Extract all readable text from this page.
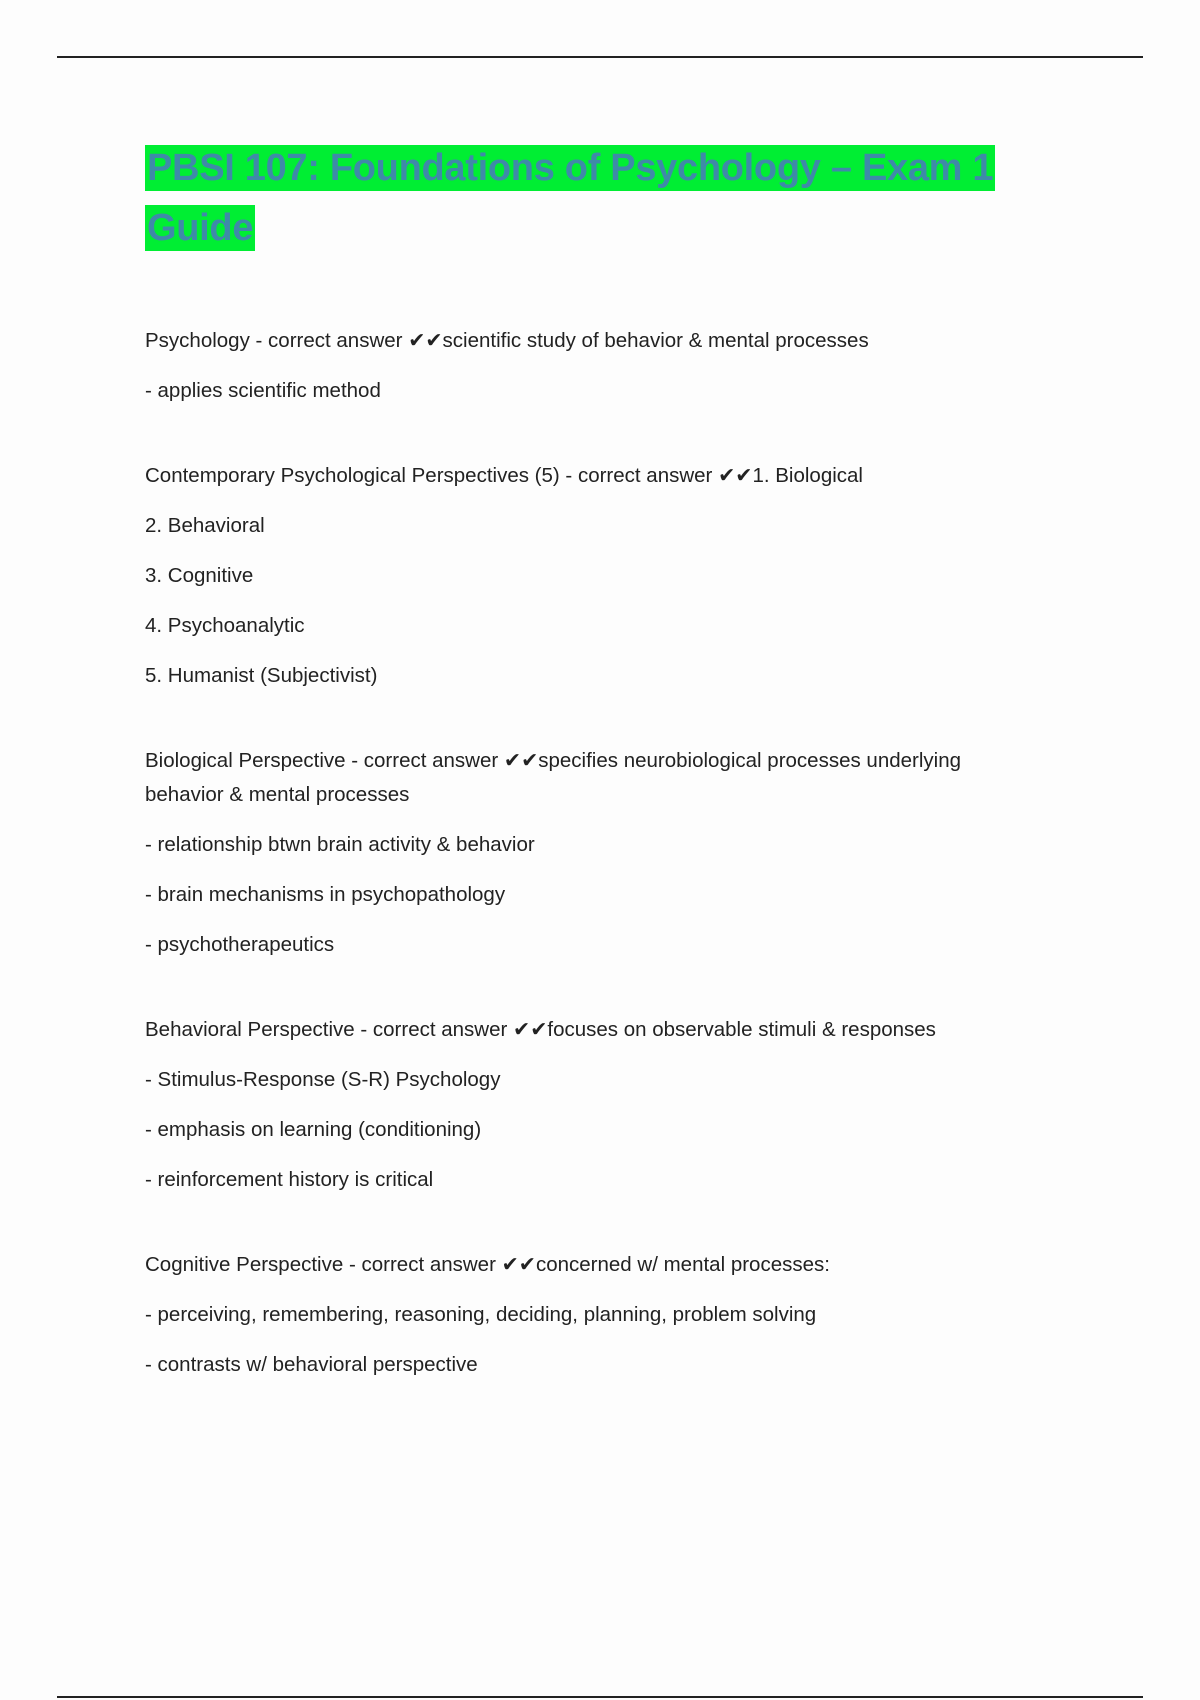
PBSI 107: Foundations of Psychology – Exam 1 Guide

Psychology - correct answer ✔✔scientific study of behavior & mental processes

- applies scientific method

Contemporary Psychological Perspectives (5) - correct answer ✔✔1. Biological

2. Behavioral

3. Cognitive

4. Psychoanalytic

5. Humanist (Subjectivist)

Biological Perspective - correct answer ✔✔specifies neurobiological processes underlying behavior & mental processes

- relationship btwn brain activity & behavior

- brain mechanisms in psychopathology

- psychotherapeutics

Behavioral Perspective - correct answer ✔✔focuses on observable stimuli & responses

- Stimulus-Response (S-R) Psychology

- emphasis on learning (conditioning)

- reinforcement history is critical

Cognitive Perspective - correct answer ✔✔concerned w/ mental processes:

- perceiving, remembering, reasoning, deciding, planning, problem solving

- contrasts w/ behavioral perspective
